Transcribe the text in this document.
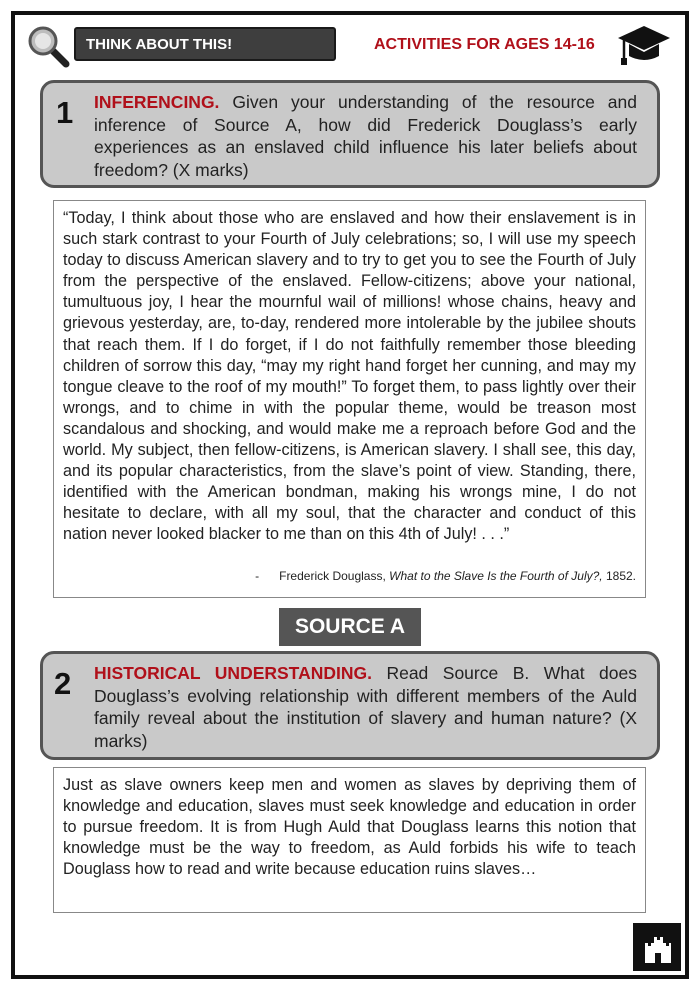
THINK ABOUT THIS!	ACTIVITIES FOR AGES 14-16
1 INFERENCING. Given your understanding of the resource and inference of Source A, how did Frederick Douglass’s early experiences as an enslaved child influence his later beliefs about freedom? (X marks)
“Today, I think about those who are enslaved and how their enslavement is in such stark contrast to your Fourth of July celebrations; so, I will use my speech today to discuss American slavery and to try to get you to see the Fourth of July from the perspective of the enslaved. Fellow-citizens; above your national, tumultuous joy, I hear the mournful wail of millions! whose chains, heavy and grievous yesterday, are, to-day, rendered more intolerable by the jubilee shouts that reach them. If I do forget, if I do not faithfully remember those bleeding children of sorrow this day, “may my right hand forget her cunning, and may my tongue cleave to the roof of my mouth!” To forget them, to pass lightly over their wrongs, and to chime in with the popular theme, would be treason most scandalous and shocking, and would make me a reproach before God and the world. My subject, then fellow-citizens, is American slavery. I shall see, this day, and its popular characteristics, from the slave’s point of view. Standing, there, identified with the American bondman, making his wrongs mine, I do not hesitate to declare, with all my soul, that the character and conduct of this nation never looked blacker to me than on this 4th of July! . . .”
- Frederick Douglass, What to the Slave Is the Fourth of July?, 1852.
SOURCE A
2 HISTORICAL UNDERSTANDING. Read Source B. What does Douglass’s evolving relationship with different members of the Auld family reveal about the institution of slavery and human nature? (X marks)
Just as slave owners keep men and women as slaves by depriving them of knowledge and education, slaves must seek knowledge and education in order to pursue freedom. It is from Hugh Auld that Douglass learns this notion that knowledge must be the way to freedom, as Auld forbids his wife to teach Douglass how to read and write because education ruins slaves…
